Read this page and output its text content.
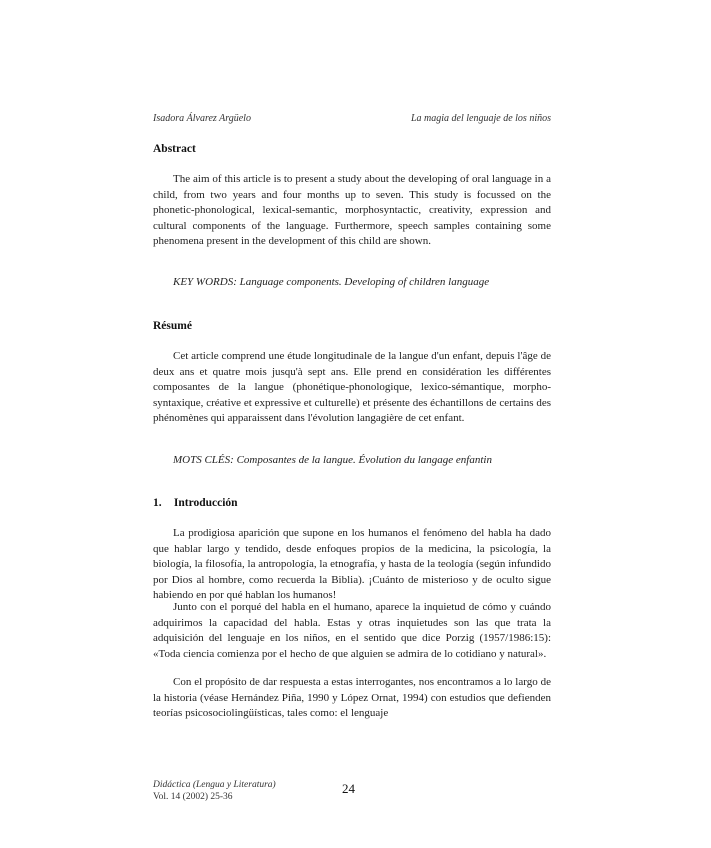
Isadora Álvarez Argüelo	La magia del lenguaje de los niños
Abstract

The aim of this article is to present a study about the developing of oral language in a child, from two years and four months up to seven. This study is focussed on the phonetic-phonological, lexical-semantic, morphosyntactic, creativity, expression and cultural components of the language. Furthermore, speech samples containing some phenomena present in the development of this child are shown.

KEY WORDS: Language components. Developing of children language
Résumé

Cet article comprend une étude longitudinale de la langue d'un enfant, depuis l'âge de deux ans et quatre mois jusqu'à sept ans. Elle prend en considération les différentes composantes de la langue (phonétique-phonologique, lexico-sémantique, morpho-syntaxique, créative et expressive et culturelle) et présente des échantillons de certains des phénomènes qui apparaissent dans l'évolution langagière de cet enfant.

MOTS CLÉS: Composantes de la langue. Évolution du langage enfantin
1. Introducción

La prodigiosa aparición que supone en los humanos el fenómeno del habla ha dado que hablar largo y tendido, desde enfoques propios de la medicina, la psicología, la biología, la filosofía, la antropología, la etnografía, y hasta de la teología (según infundido por Dios al hombre, como recuerda la Biblia). ¡Cuánto de misterioso y de oculto sigue habiendo en por qué hablan los humanos!

Junto con el porqué del habla en el humano, aparece la inquietud de cómo y cuándo adquirimos la capacidad del habla. Estas y otras inquietudes son las que trata la adquisición del lenguaje en los niños, en el sentido que dice Porzig (1957/1986:15): «Toda ciencia comienza por el hecho de que alguien se admira de lo cotidiano y natural».

Con el propósito de dar respuesta a estas interrogantes, nos encontramos a lo largo de la historia (véase Hernández Piña, 1990 y López Ornat, 1994) con estudios que defienden teorías psicosociolingüísticas, tales como: el lenguaje

Didáctica (Lengua y Literatura)
Vol. 14 (2002) 25-36
24
